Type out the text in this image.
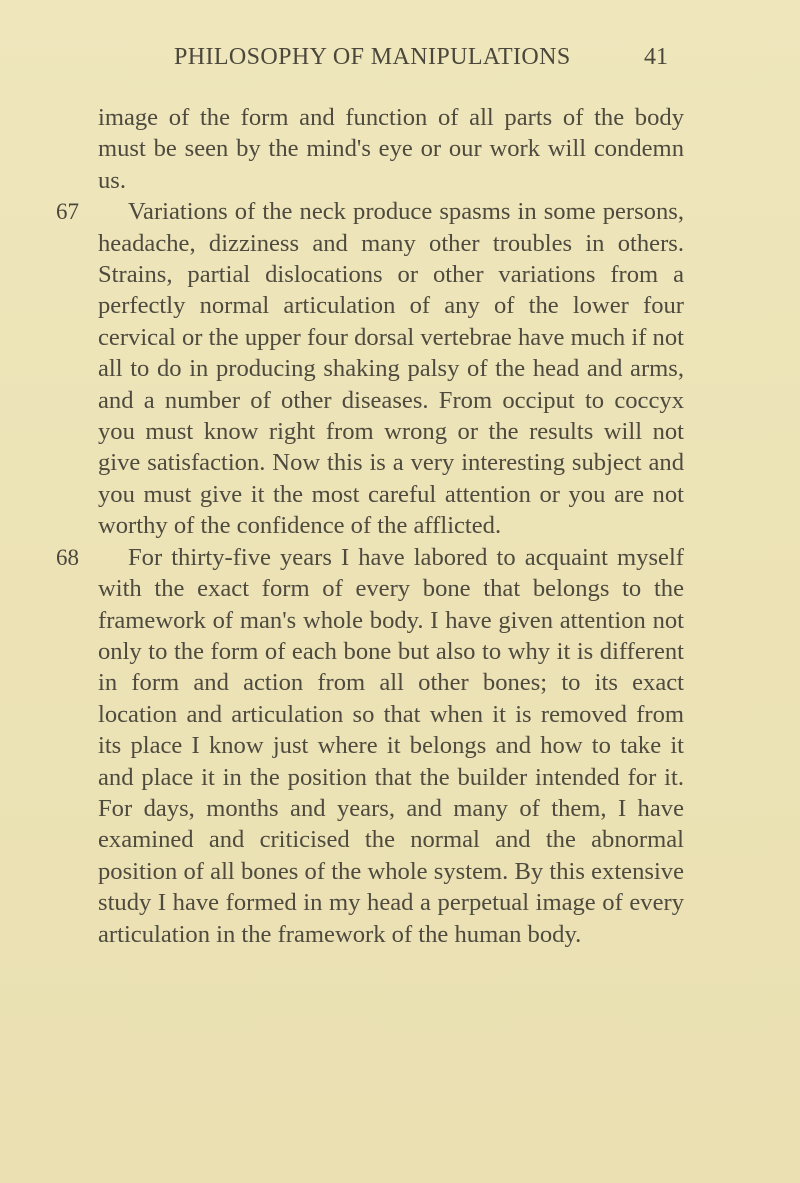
PHILOSOPHY OF MANIPULATIONS	41

image of the form and function of all parts of the body must be seen by the mind's eye or our work will condemn us.

67 Variations of the neck produce spasms in some persons, headache, dizziness and many other troubles in others. Strains, partial dislocations or other variations from a perfectly normal articulation of any of the lower four cervical or the upper four dorsal vertebrae have much if not all to do in producing shaking palsy of the head and arms, and a number of other diseases. From occiput to coccyx you must know right from wrong or the results will not give satisfaction. Now this is a very interesting subject and you must give it the most careful attention or you are not worthy of the confidence of the afflicted.

68 For thirty-five years I have labored to acquaint myself with the exact form of every bone that belongs to the framework of man's whole body. I have given attention not only to the form of each bone but also to why it is different in form and action from all other bones; to its exact location and articulation so that when it is removed from its place I know just where it belongs and how to take it and place it in the position that the builder intended for it. For days, months and years, and many of them, I have examined and criticised the normal and the abnormal position of all bones of the whole system. By this extensive study I have formed in my head a perpetual image of every articulation in the framework of the human body.
